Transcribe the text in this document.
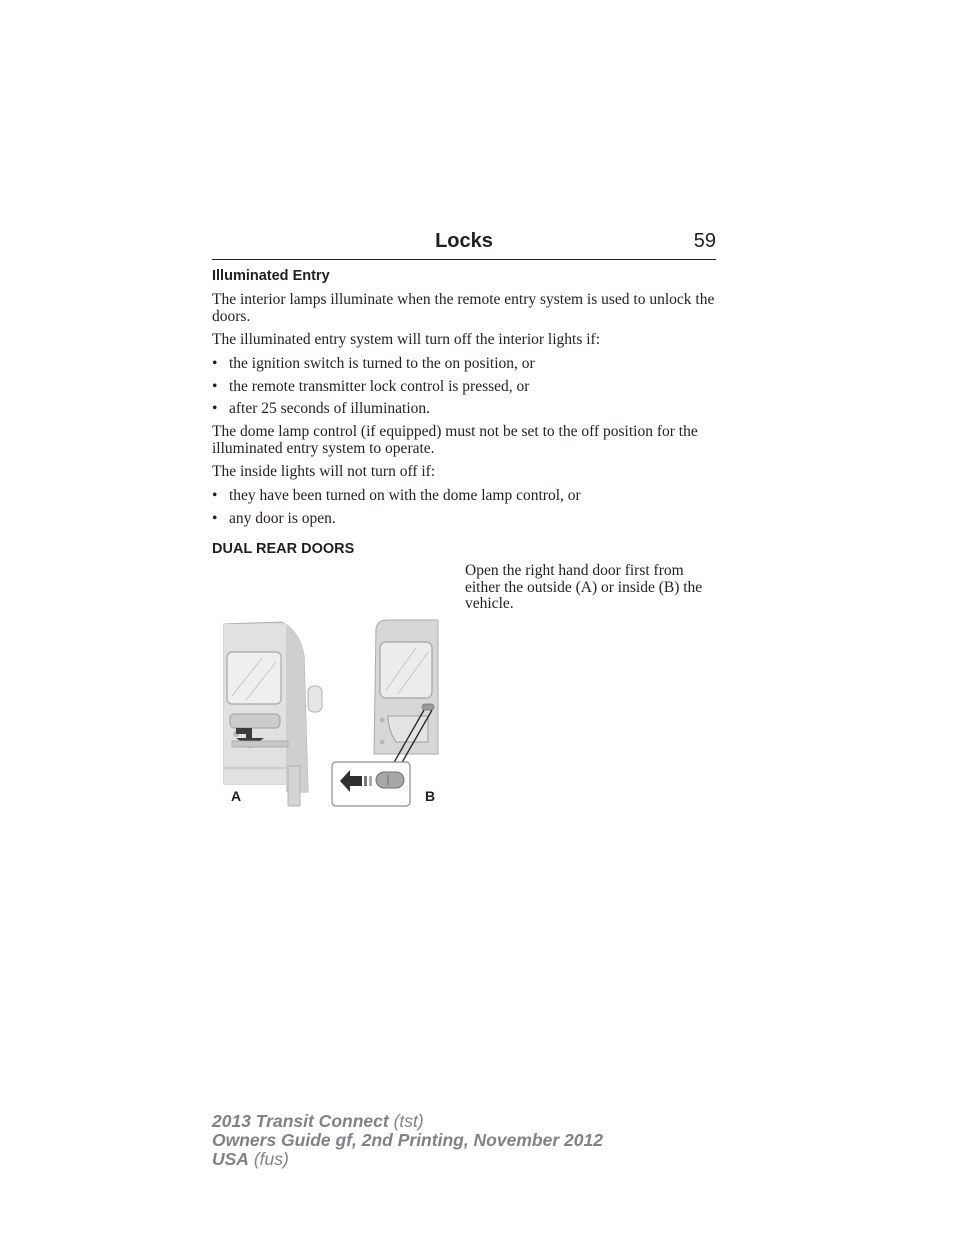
Locks	59
Illuminated Entry
The interior lamps illuminate when the remote entry system is used to unlock the doors.
The illuminated entry system will turn off the interior lights if:
• the ignition switch is turned to the on position, or
• the remote transmitter lock control is pressed, or
• after 25 seconds of illumination.
The dome lamp control (if equipped) must not be set to the off position for the illuminated entry system to operate.
The inside lights will not turn off if:
• they have been turned on with the dome lamp control, or
• any door is open.
DUAL REAR DOORS
Open the right hand door first from either the outside (A) or inside (B) the vehicle.
A	B
2013 Transit Connect (tst)
Owners Guide gf, 2nd Printing, November 2012
USA (fus)
